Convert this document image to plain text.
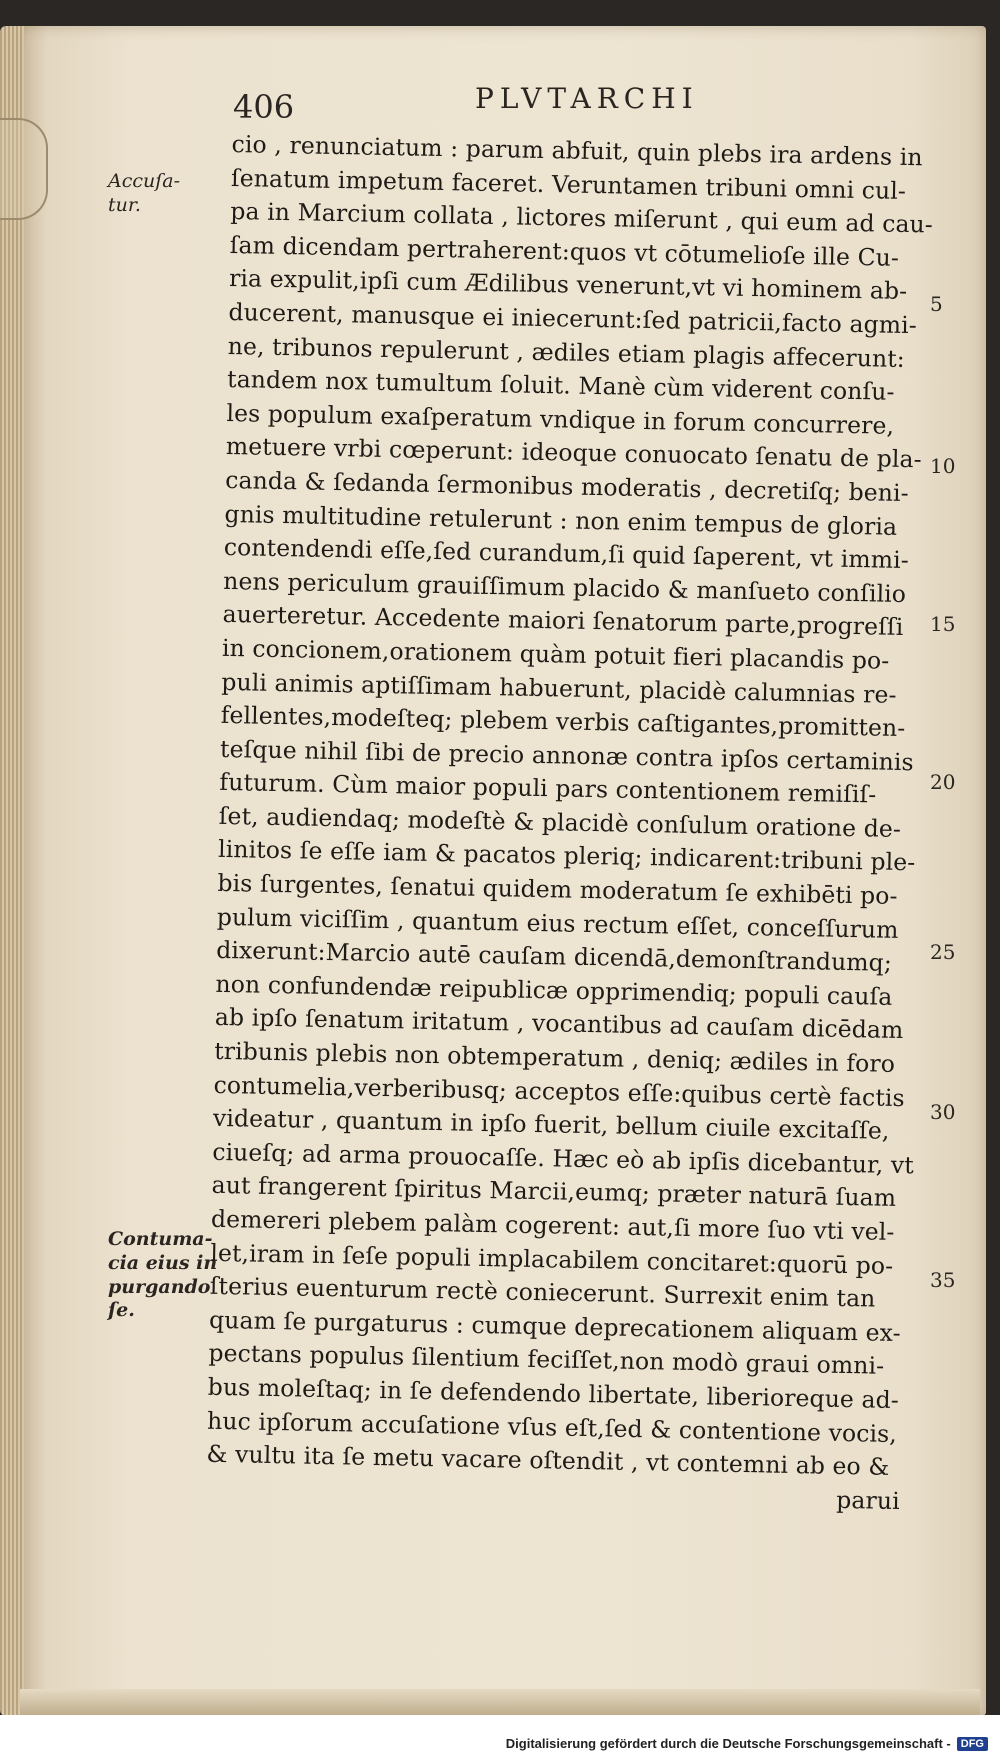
406	PLVTARCHI
Accuſa-
tur.
Contuma-
cia eius in
purgando
ſe.
cio , renunciatum : parum abfuit, quin plebs ira ardens in
ſenatum impetum faceret. Veruntamen tribuni omni cul-
pa in Marcium collata , lictores miſerunt , qui eum ad cau-
ſam dicendam pertraherent:quos vt cōtumelioſe ille Cu-
ria expulit,ipſi cum Ædilibus venerunt,vt vi hominem ab-
ducerent, manusque ei iniecerunt:ſed patricii,facto agmi-
ne, tribunos repulerunt , ædiles etiam plagis affecerunt:
tandem nox tumultum ſoluit. Manè cùm viderent conſu-
les populum exaſperatum vndique in forum concurrere,
metuere vrbi cœperunt: ideoque conuocato ſenatu de pla-
canda & ſedanda ſermonibus moderatis , decretiſq; beni-
gnis multitudine retulerunt : non enim tempus de gloria
contendendi eſſe,ſed curandum,ſi quid ſaperent, vt immi-
nens periculum grauiſſimum placido & manſueto conſilio
auerteretur. Accedente maiori ſenatorum parte,progreſſi
in concionem,orationem quàm potuit fieri placandis po-
puli animis aptiſſimam habuerunt, placidè calumnias re-
fellentes,modeſteq; plebem verbis caſtigantes,promitten-
teſque nihil ſibi de precio annonæ contra ipſos certaminis
futurum. Cùm maior populi pars contentionem remiſiſ-
ſet, audiendaq; modeſtè & placidè conſulum oratione de-
linitos ſe eſſe iam & pacatos pleriq; indicarent:tribuni ple-
bis ſurgentes, ſenatui quidem moderatum ſe exhibēti po-
pulum viciſſim , quantum eius rectum eſſet, conceſſurum
dixerunt:Marcio autē cauſam dicendā,demonſtrandumq;
non confundendæ reipublicæ opprimendiq; populi cauſa
ab ipſo ſenatum iritatum , vocantibus ad cauſam dicēdam
tribunis plebis non obtemperatum , deniq; ædiles in foro
contumelia,verberibusq; acceptos eſſe:quibus certè factis
videatur , quantum in ipſo fuerit, bellum ciuile excitaſſe,
ciueſq; ad arma prouocaſſe. Hæc eò ab ipſis dicebantur, vt
aut frangerent ſpiritus Marcii,eumq; præter naturā ſuam
demereri plebem palàm cogerent: aut,ſi more ſuo vti vel-
let,iram in ſeſe populi implacabilem concitaret:quorū po-
ſterius euenturum rectè coniecerunt. Surrexit enim tan
quam ſe purgaturus : cumque deprecationem aliquam ex-
pectans populus ſilentium feciſſet,non modò graui omni-
bus moleſtaq; in ſe defendendo libertate, liberioreque ad-
huc ipſorum accuſatione vſus eſt,ſed & contentione vocis,
& vultu ita ſe metu vacare oſtendit , vt contemni ab eo &
parui
5
10
15
20
25
30
35
Digitalisierung gefördert durch die Deutsche Forschungsgemeinschaft - DFG
